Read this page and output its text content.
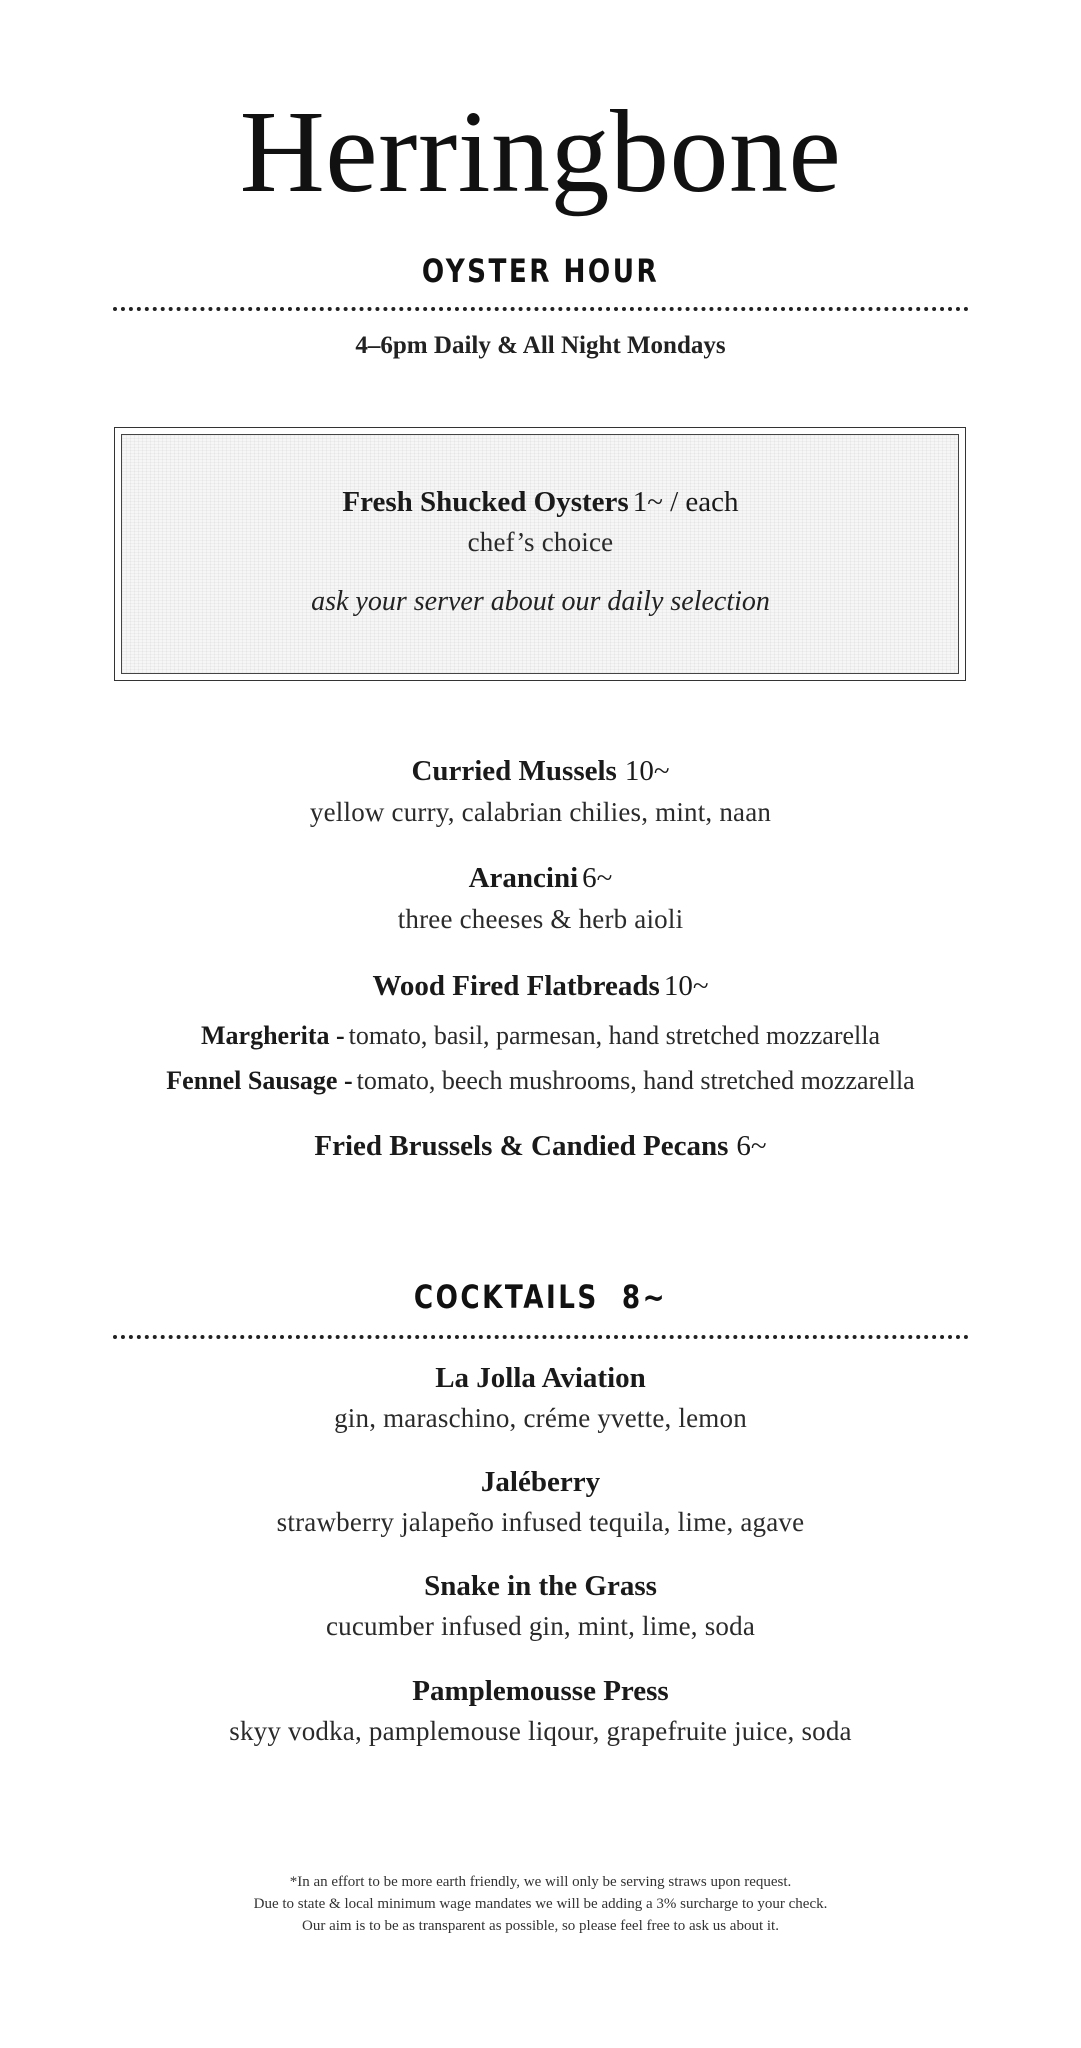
Herringbone
OYSTER HOUR
4–6pm Daily & All Night Mondays
Fresh Shucked Oysters 1~ / each
chef’s choice
ask your server about our daily selection
Curried Mussels 10~
yellow curry, calabrian chilies, mint, naan
Arancini 6~
three cheeses & herb aioli
Wood Fired Flatbreads 10~
Margherita - tomato, basil, parmesan, hand stretched mozzarella
Fennel Sausage - tomato, beech mushrooms, hand stretched mozzarella
Fried Brussels & Candied Pecans 6~
COCKTAILS  8~
La Jolla Aviation
gin, maraschino, créme yvette, lemon
Jaléberry
strawberry jalapeño infused tequila, lime, agave
Snake in the Grass
cucumber infused gin, mint, lime, soda
Pamplemousse Press
skyy vodka, pamplemouse liqour, grapefruite juice, soda
*In an effort to be more earth friendly, we will only be serving straws upon request.
Due to state & local minimum wage mandates we will be adding a 3% surcharge to your check.
Our aim is to be as transparent as possible, so please feel free to ask us about it.
